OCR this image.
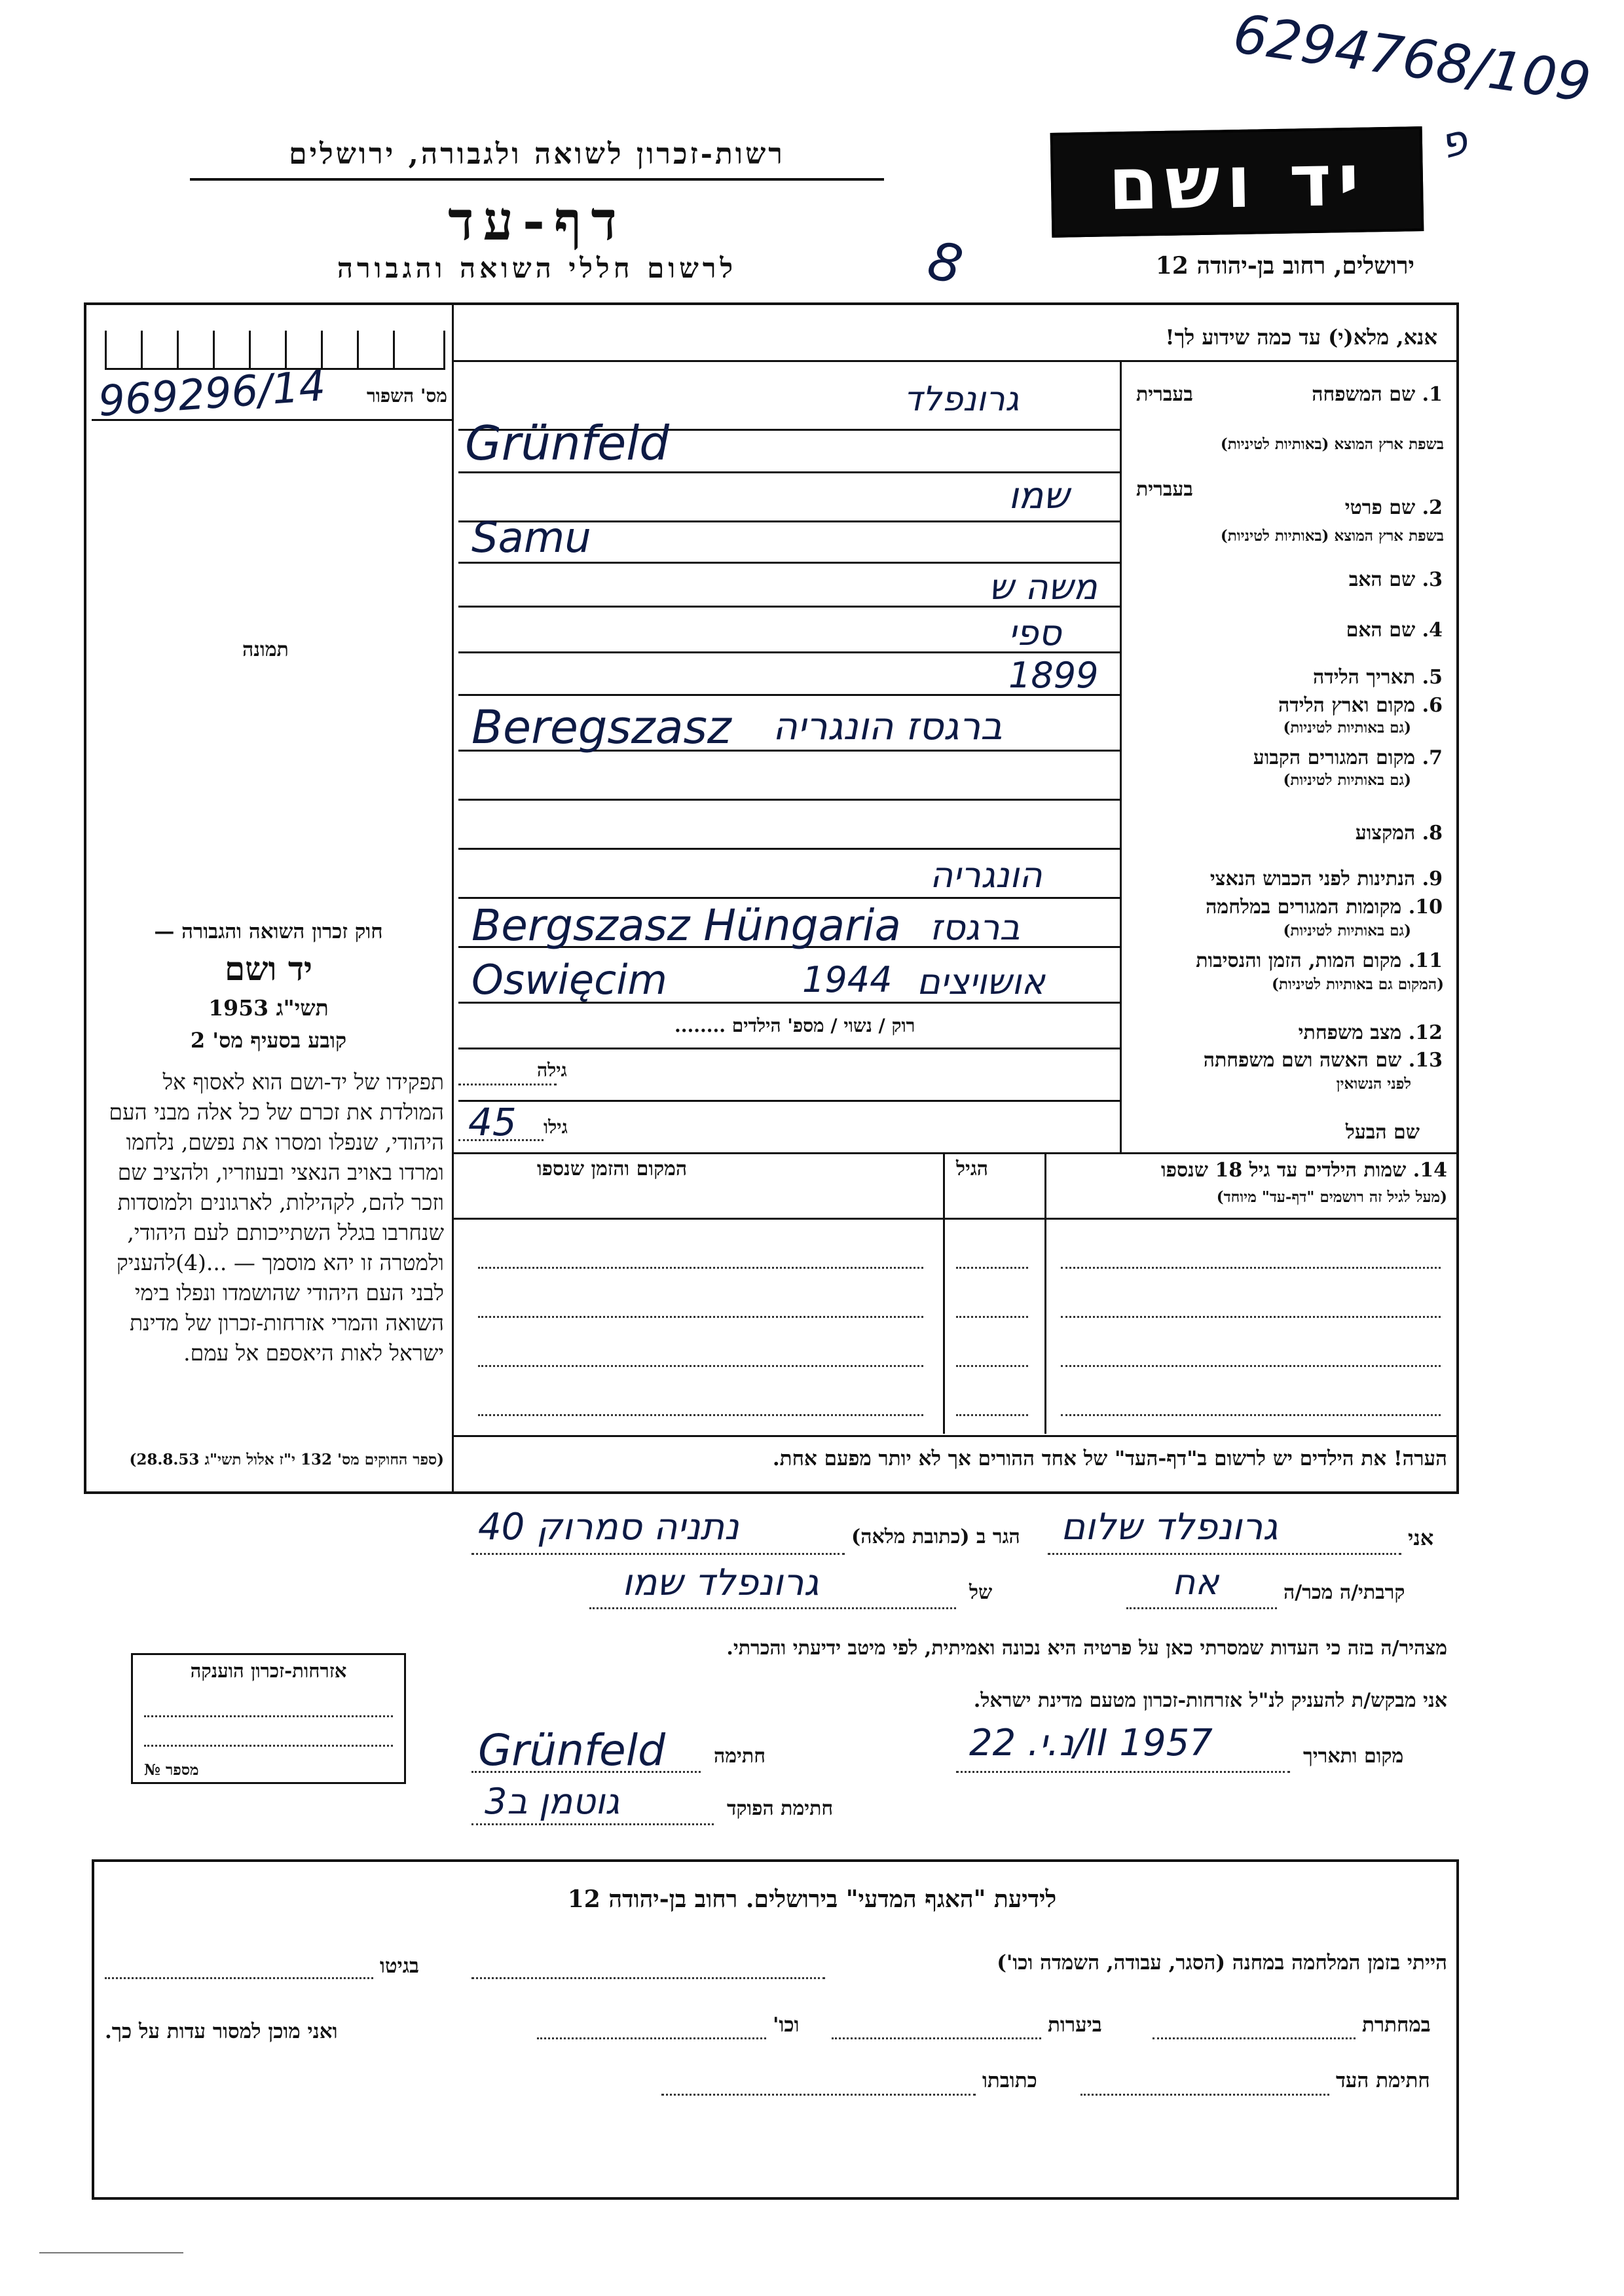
6294768/109
פ
רשות-זכרון לשואה ולגבורה, ירושלים
דף-עד
לרשום חללי השואה והגבורה
יד ושם
ירושלים, רחוב בן-יהודה 12
8
מס' השפור
969296/14
תמונה
חוק זכרון השואה והגבורה —
יד ושם
1953 תשי"ג
קובע בסעיף מס' 2
תפקידו של יד-ושם הוא לאסוף אל המולדת את זכרם של כל אלה מבני העם היהודי, שנפלו ומסרו את נפשם, נלחמו ומרדו באויב הנאצי ובעוזריו, ולהציב שם וזכר להם, לקהילות, לארגונים ולמוסדות שנחרבו בגלל השתייכותם לעם היהודי, ולמטרה זו יהא מוסמך — ...(4)להעניק לבני העם היהודי שהושמדו ונפלו בימי השואה והמרי אזרחות-זכרון של מדינת ישראל לאות היאספם אל עמם.
(ספר החוקים מס' 132 י"ז אלול תשי"ג 28.8.53)
אנא, מלא(י) עד כמה שידוע לך!
1. שם המשפחה
בעברית
בשפת ארץ המוצא (באותיות לטיניות)
2. שם פרטי
בעברית
בשפת ארץ המוצא (באותיות לטיניות)
3. שם האב
4. שם האם
5. תאריך הלידה
6. מקום וארץ הלידה
(גם באותיות לטיניות)
7. מקום המגורים הקבוע
(גם באותיות לטיניות)
8. המקצוע
9. הנתינות לפני הכבוש הנאצי
10. מקומות המגורים במלחמה
(גם באותיות לטיניות)
11. מקום המות, הזמן והנסיבות
(המקום גם באותיות לטיניות)
12. מצב משפחתי
13. שם האשה ושם משפחתה
לפני הנשואין
שם הבעל
גרונפלד
Grünfeld
שמו
Samu
משה ש
ספי
1899
ברגסז הונגריה
Beregszasz
הונגריה
Bergszasz Hüngaria ברגסז
Oswięcim	1944 אושויצים
רוק / נשוי / מספ' הילדים ........
גילה
גילו
45
14. שמות הילדים עד גיל 18 שנספו
(מעל לגיל זה רושמים "דף-עד" מיוחד)
הגיל
המקום והזמן שנספו
הערה! את הילדים יש לרשום ב"דף-העד" של אחד ההורים אך לא יותר מפעם אחת.
אני
גרונפלד שלום
הגר ב (כתובת מלאה)
נתניה סמרוק 40
קרבתי/ה מכר/ה
אח
של
גרונפלד שמו
מצהיר/ה בזה כי העדות שמסרתי כאן על פרטיה היא נכונה ואמיתית, לפי מיטב ידיעתי והכרתי.
אני מבקש/ת להעניק לנ"ל אזרחות-זכרון מטעם מדינת ישראל.
מקום ותאריך
נ.י. 22/II 1957
חתימה
Grünfeld
חתימת הפוקד
גוטמן ב3
אזרחות-זכרון הוענקה
מספר №
לידיעת "האגף המדעי" בירושלים. רחוב בן-יהודה 12
הייתי בזמן המלחמה במחנה (הסגר, עבודה, השמדה וכו')
בגיטו
במחתרת
ביערות
וכו'
ואני מוכן למסור עדות על כך.
חתימת העד
כתובתו
